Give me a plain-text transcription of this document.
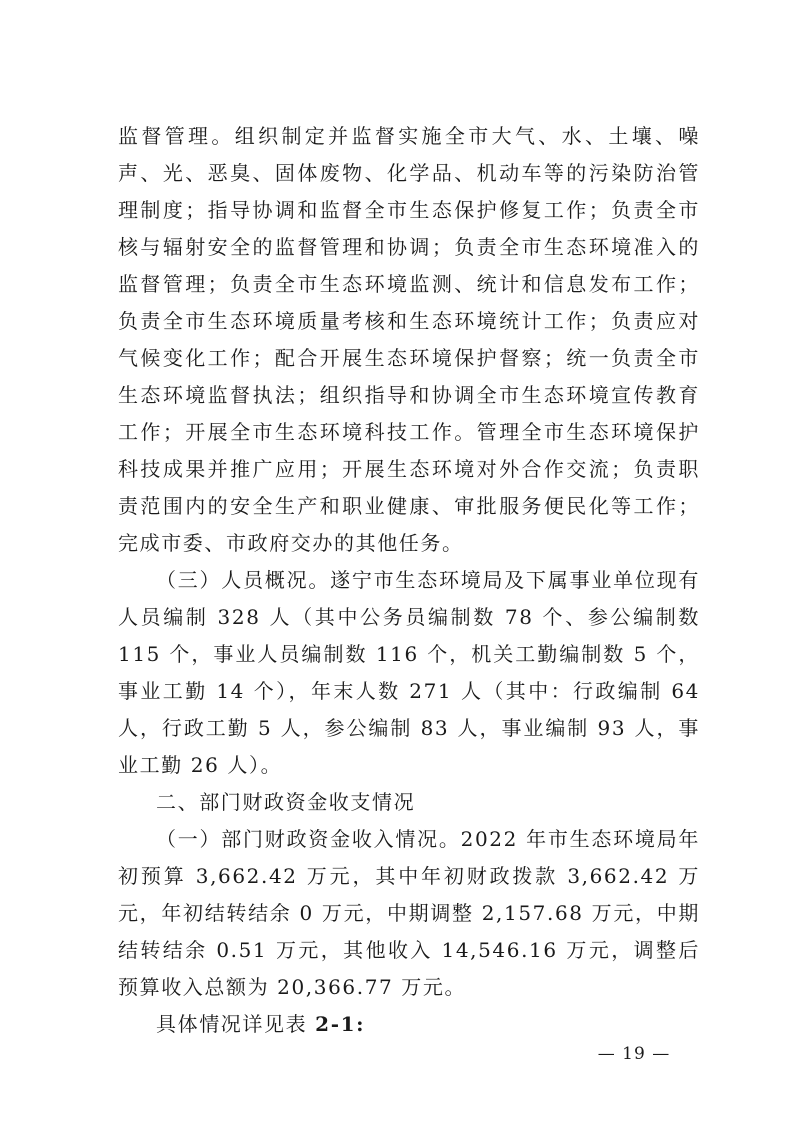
监督管理。组织制定并监督实施全市大气、水、土壤、噪声、光、恶臭、固体废物、化学品、机动车等的污染防治管理制度；指导协调和监督全市生态保护修复工作；负责全市核与辐射安全的监督管理和协调；负责全市生态环境准入的监督管理；负责全市生态环境监测、统计和信息发布工作；负责全市生态环境质量考核和生态环境统计工作；负责应对气候变化工作；配合开展生态环境保护督察；统一负责全市生态环境监督执法；组织指导和协调全市生态环境宣传教育工作；开展全市生态环境科技工作。管理全市生态环境保护科技成果并推广应用；开展生态环境对外合作交流；负责职责范围内的安全生产和职业健康、审批服务便民化等工作；完成市委、市政府交办的其他任务。

（三）人员概况。遂宁市生态环境局及下属事业单位现有人员编制 328 人（其中公务员编制数 78 个、参公编制数 115 个，事业人员编制数 116 个，机关工勤编制数 5 个，事业工勤 14 个），年末人数 271 人（其中：行政编制 64 人，行政工勤 5 人，参公编制 83 人，事业编制 93 人，事业工勤 26 人）。

二、部门财政资金收支情况

（一）部门财政资金收入情况。2022 年市生态环境局年初预算 3,662.42 万元，其中年初财政拨款 3,662.42 万元，年初结转结余 0 万元，中期调整 2,157.68 万元，中期结转结余 0.51 万元，其他收入 14,546.16 万元，调整后预算收入总额为 20,366.77 万元。

具体情况详见表 2-1:

— 19 —
